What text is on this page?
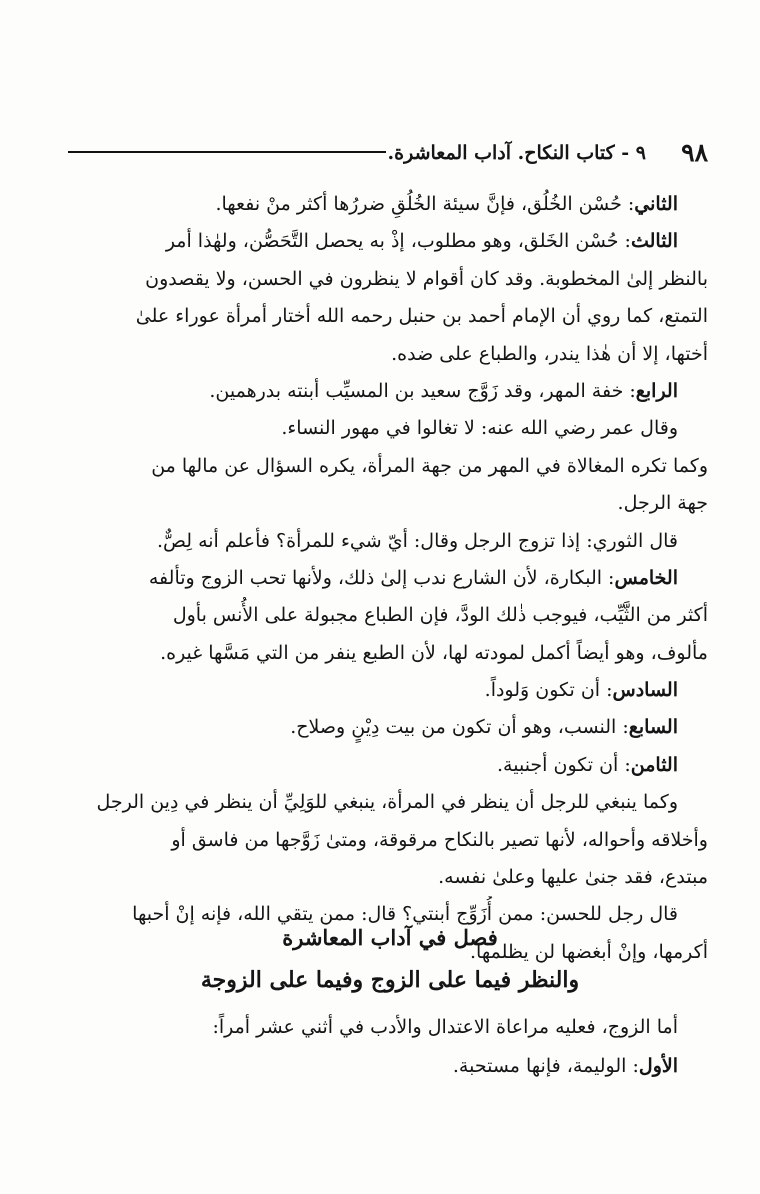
٩ - كتاب النكاح. آداب المعاشرة. ٩٨
الثاني: حُسْن الخُلُق، فإنَّ سيئة الخُلُقِ ضررُها أكثر منْ نفعها.
الثالث: حُسْن الخَلق، وهو مطلوب، إذْ به يحصل التَّحَصُّن، ولهٰذا أمر
بالنظر إلىٰ المخطوبة. وقد كان أقوام لا ينظرون في الحسن، ولا يقصدون
التمتع، كما روي أن الإمام أحمد بن حنبل رحمه الله أختار أمرأة عوراء علىٰ
أختها، إلا أن هٰذا يندر، والطباع على ضده.
الرابع: خفة المهر، وقد زَوَّج سعيد بن المسيِّب أبنته بدرهمين.
وقال عمر رضي الله عنه: لا تغالوا في مهور النساء.
وكما تكره المغالاة في المهر من جهة المرأة، يكره السؤال عن مالها من
جهة الرجل.
قال الثوري: إذا تزوج الرجل وقال: أيّ شيء للمرأة؟ فأعلم أنه لِصٌّ.
الخامس: البكارة، لأن الشارع ندب إلىٰ ذلك، ولأنها تحب الزوج وتألفه
أكثر من الثَّيِّب، فيوجب ذٰلك الودَّ، فإن الطباع مجبولة على الأُنس بأول
مألوف، وهو أيضاً أكمل لمودته لها، لأن الطبع ينفر من التي مَسَّها غيره.
السادس: أن تكون وَلوداً.
السابع: النسب، وهو أن تكون من بيت دِيْنٍ وصلاح.
الثامن: أن تكون أجنبية.
وكما ينبغي للرجل أن ينظر في المرأة، ينبغي للوَلِيِّ أن ينظر في دِين الرجل
وأخلاقه وأحواله، لأنها تصير بالنكاح مرقوقة، ومتىٰ زَوَّجها من فاسق أو
مبتدع، فقد جنىٰ عليها وعلىٰ نفسه.
قال رجل للحسن: ممن أُزَوِّج أبنتي؟ قال: ممن يتقي الله، فإنه إنْ أحبها
أكرمها، وإنْ أبغضها لن يظلمها.
فصل في آداب المعاشرة
والنظر فيما على الزوج وفيما على الزوجة
أما الزوج، فعليه مراعاة الاعتدال والأدب في أثني عشر أمراً:
الأول: الوليمة، فإنها مستحبة.
